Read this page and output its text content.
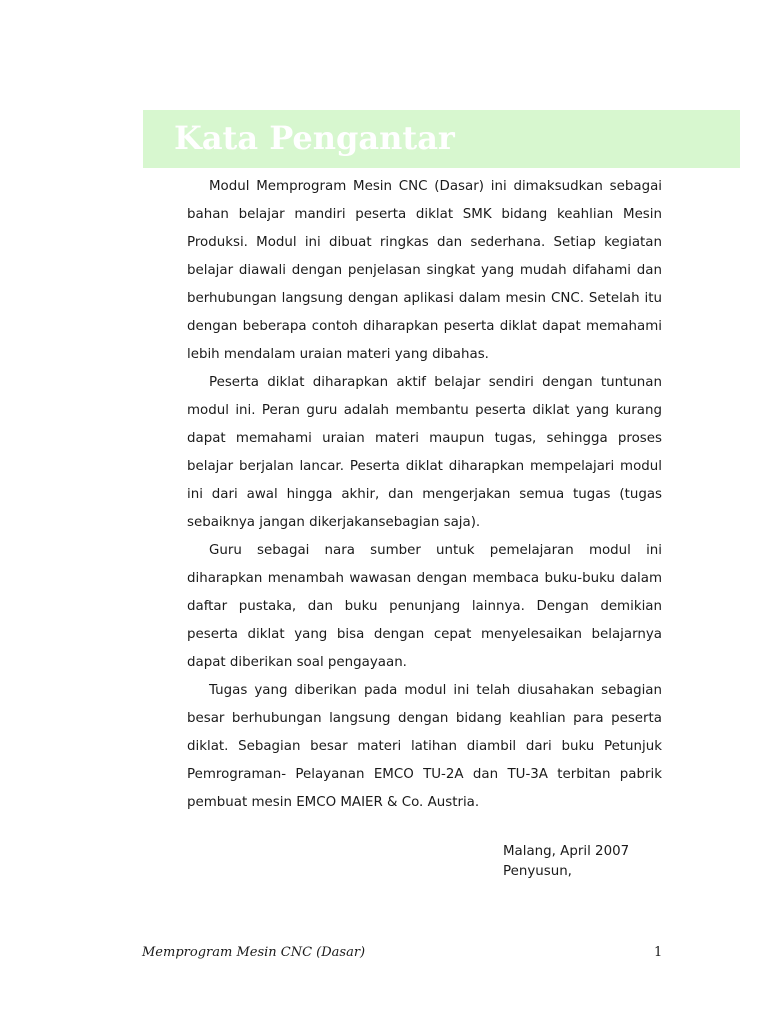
Kata Pengantar

Modul Memprogram Mesin CNC (Dasar) ini dimaksudkan sebagai bahan belajar mandiri peserta diklat SMK bidang keahlian Mesin Produksi. Modul ini dibuat ringkas dan sederhana. Setiap kegiatan belajar diawali dengan penjelasan singkat yang mudah difahami dan berhubungan langsung dengan aplikasi dalam mesin CNC. Setelah itu dengan beberapa contoh diharapkan peserta diklat dapat memahami lebih mendalam uraian materi yang dibahas.

Peserta diklat diharapkan aktif belajar sendiri dengan tuntunan modul ini. Peran guru adalah membantu peserta diklat yang kurang dapat memahami uraian materi maupun tugas, sehingga proses belajar berjalan lancar. Peserta diklat diharapkan mempelajari modul ini dari awal hingga akhir, dan mengerjakan semua tugas (tugas sebaiknya jangan dikerjakansebagian saja).

Guru sebagai nara sumber untuk pemelajaran modul ini diharapkan menambah wawasan dengan membaca buku-buku dalam daftar pustaka, dan buku penunjang lainnya. Dengan demikian peserta diklat yang bisa dengan cepat menyelesaikan belajarnya dapat diberikan soal pengayaan.

Tugas yang diberikan pada modul ini telah diusahakan sebagian besar berhubungan langsung dengan bidang keahlian para peserta diklat. Sebagian besar materi latihan diambil dari buku Petunjuk Pemrograman- Pelayanan EMCO TU-2A dan TU-3A terbitan pabrik pembuat mesin EMCO MAIER & Co. Austria.

Malang, April 2007
Penyusun,
Memprogram Mesin CNC (Dasar)	1
